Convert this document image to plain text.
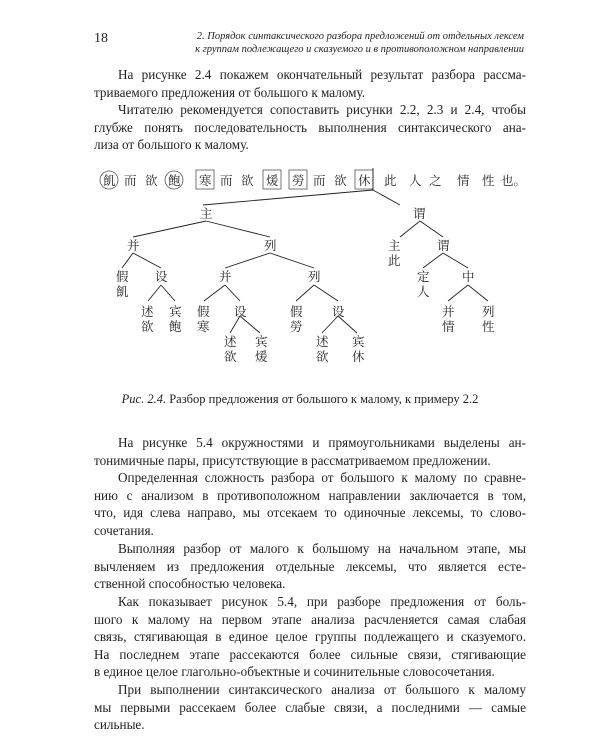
18	2. Порядок синтаксического разбора предложений от отдельных лексем
к группам подлежащего и сказуемого и в противоположном направлении
На рисунке 2.4 покажем окончательный результат разбора рассма-
триваемого предложения от большого к малому.
Читателю рекомендуется сопоставить рисунки 2.2, 2.3 и 2.4, чтобы
глубже понять последовательность выполнения синтаксического ана-
лиза от большого к малому.
飢 而 欲 飽 寒 而 欲 煖 勞 而 欲 休 此 人 之 情 性 也。
主	谓
并	列	主
此
谓
假
飢
设
述
欲
宾
飽
并	列
假
寒
设
述
欲
宾
煖
假
勞
设
述
欲
宾
休
定
人
中
并
情
列
性
Рис. 2.4. Разбор предложения от большого к малому, к примеру 2.2
На рисунке 5.4 окружностями и прямоугольниками выделены ан-
тонимичные пары, присутствующие в рассматриваемом предложении.
Определенная сложность разбора от большого к малому по сравне-
нию с анализом в противоположном направлении заключается в том,
что, идя слева направо, мы отсекаем то одиночные лексемы, то слово-
сочетания.
Выполняя разбор от малого к большому на начальном этапе, мы
вычленяем из предложения отдельные лексемы, что является есте-
ственной способностью человека.
Как показывает рисунок 5.4, при разборе предложения от боль-
шого к малому на первом этапе анализа расчленяется самая слабая
связь, стягивающая в единое целое группы подлежащего и сказуемого.
На последнем этапе рассекаются более сильные связи, стягивающие
в единое целое глагольно-объектные и сочинительные словосочетания.
При выполнении синтаксического анализа от большого к малому
мы первыми рассекаем более слабые связи, а последними — самые
сильные.
